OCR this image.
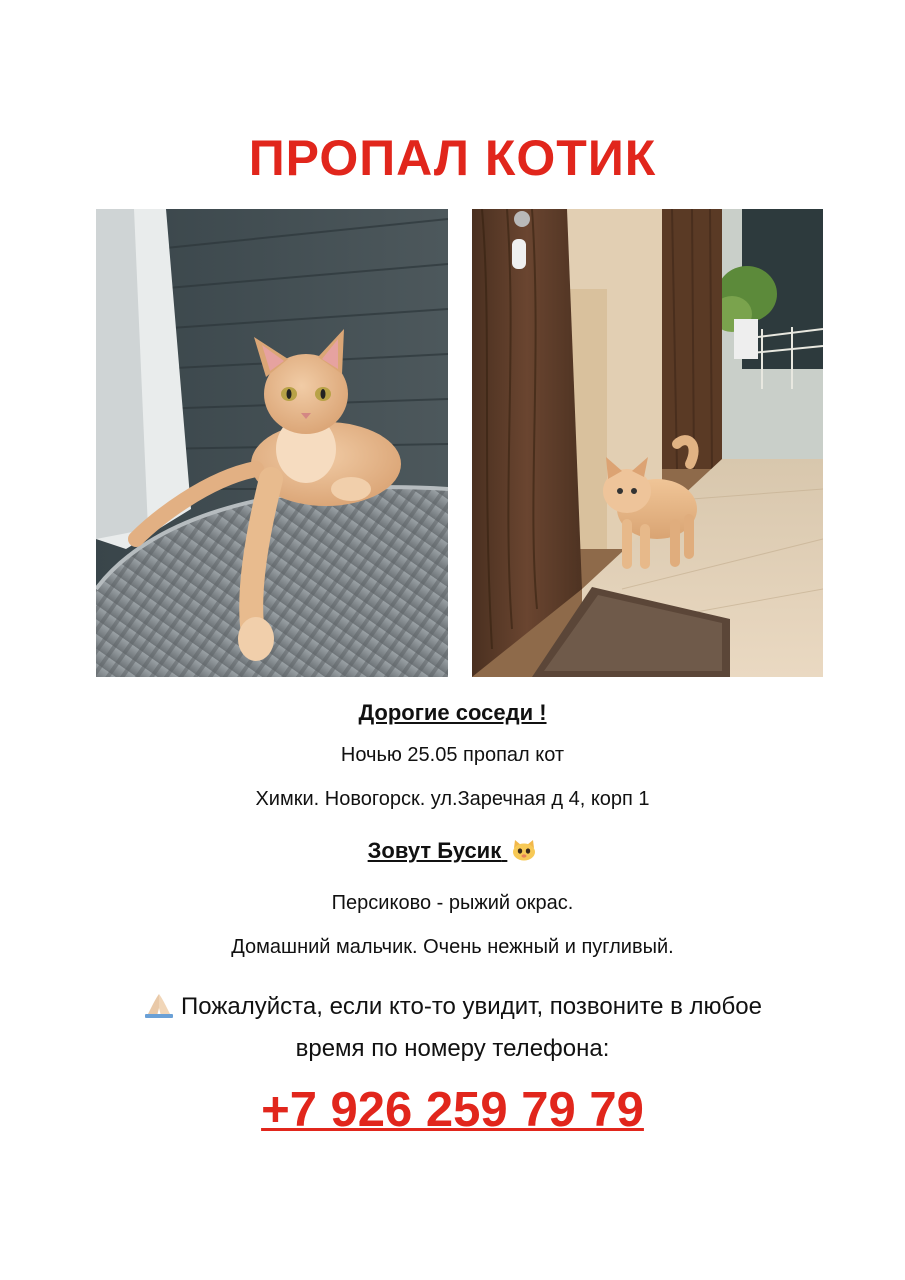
ПРОПАЛ КОТИК
Дорогие соседи !
Ночью 25.05 пропал кот
Химки. Новогорск. ул.Заречная д 4, корп 1
Зовут Бусик
Персиково - рыжий окрас.
Домашний мальчик. Очень нежный и пугливый.
Пожалуйста, если кто-то увидит, позвоните в любое
время по номеру телефона:
+7 926 259 79 79
